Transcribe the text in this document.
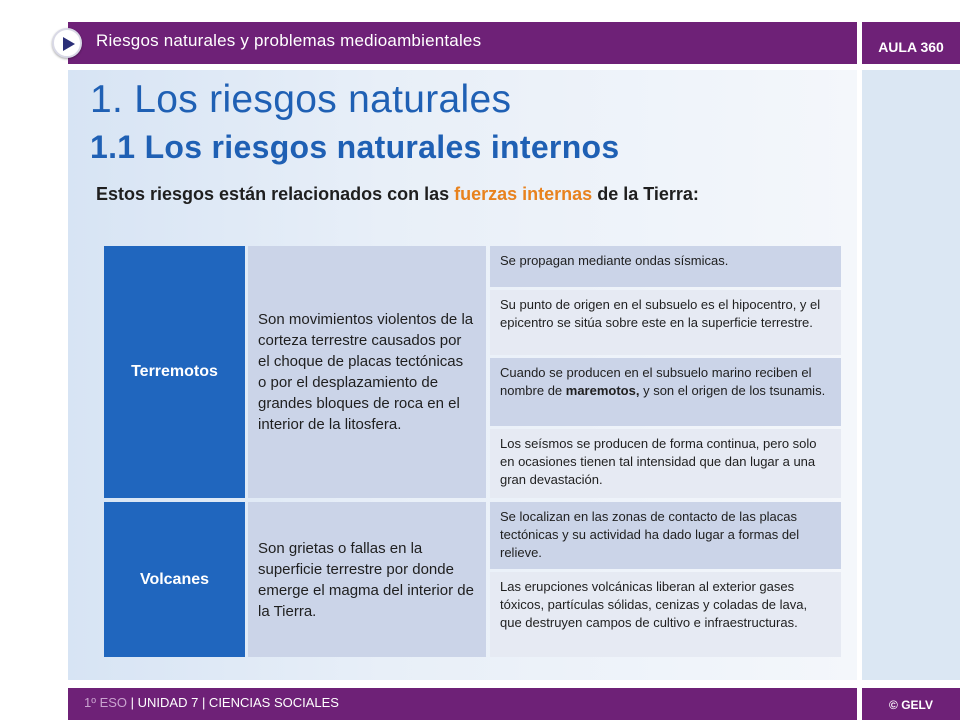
Riesgos naturales y problemas medioambientales	AULA 360
1. Los riesgos naturales
1.1 Los riesgos naturales internos
Estos riesgos están relacionados con las fuerzas internas de la Tierra:
Terremotos
Son movimientos violentos de la corteza terrestre causados por el choque de placas tectónicas o por el desplazamiento de grandes bloques de roca en el interior de la litosfera.
Se propagan mediante ondas sísmicas.
Su punto de origen en el subsuelo es el hipocentro, y el epicentro se sitúa sobre este en la superficie terrestre.
Cuando se producen en el subsuelo marino reciben el nombre de maremotos, y son el origen de los tsunamis.
Los seísmos se producen de forma continua, pero solo en ocasiones tienen tal intensidad que dan lugar a una gran devastación.
Volcanes
Son grietas o fallas en la superficie terrestre por donde emerge el magma del interior de la Tierra.
Se localizan en las zonas de contacto de las placas tectónicas y su actividad ha dado lugar a formas del relieve.
Las erupciones volcánicas liberan al exterior gases tóxicos, partículas sólidas, cenizas y coladas de lava, que destruyen campos de cultivo e infraestructuras.
1º ESO | UNIDAD 7 | CIENCIAS SOCIALES	© GELV
